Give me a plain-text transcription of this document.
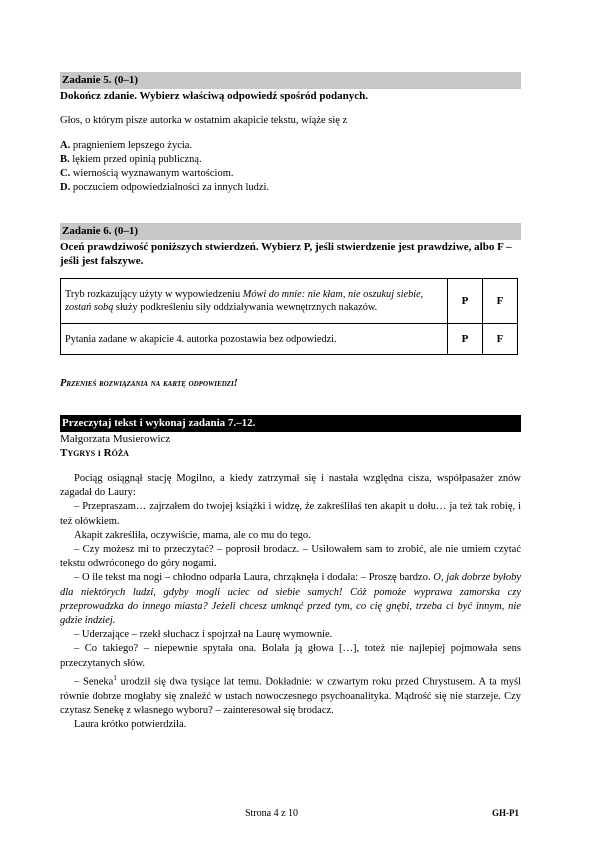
Zadanie 5. (0–1)

Dokończ zdanie. Wybierz właściwą odpowiedź spośród podanych.

Głos, o którym pisze autorka w ostatnim akapicie tekstu, wiąże się z

A. pragnieniem lepszego życia.

B. lękiem przed opinią publiczną.

C. wiernością wyznawanym wartościom.

D. poczuciem odpowiedzialności za innych ludzi.

Zadanie 6. (0–1)

Oceń prawdziwość poniższych stwierdzeń. Wybierz P, jeśli stwierdzenie jest prawdziwe, albo F – jeśli jest fałszywe.

Tryb rozkazujący użyty w wypowiedzeniu Mówi do mnie: nie kłam, nie oszukuj siebie, zostań sobą służy podkreśleniu siły oddziaływania wewnętrznych nakazów.	P	F
Pytania zadane w akapicie 4. autorka pozostawia bez odpowiedzi.	P	F

Przenieś rozwiązania na kartę odpowiedzi!

Przeczytaj tekst i wykonaj zadania 7.–12.

Małgorzata Musierowicz

Tygrys i Róża

Pociąg osiągnął stację Mogilno, a kiedy zatrzymał się i nastała względna cisza, współpasażer znów zagadał do Laury:

– Przepraszam… zajrzałem do twojej książki i widzę, że zakreśliłaś ten akapit u dołu… ja też tak robię, i też ołówkiem.

Akapit zakreśliła, oczywiście, mama, ale co mu do tego.

– Czy możesz mi to przeczytać? – poprosił brodacz. – Usiłowałem sam to zrobić, ale nie umiem czytać tekstu odwróconego do góry nogami.

– O ile tekst ma nogi – chłodno odparła Laura, chrząknęła i dodała: – Proszę bardzo. O, jak dobrze byłoby dla niektórych ludzi, gdyby mogli uciec od siebie samych! Cóż pomoże wyprawa zamorska czy przeprowadzka do innego miasta? Jeżeli chcesz umknąć przed tym, co cię gnębi, trzeba ci być innym, nie gdzie indziej.

– Uderzające – rzekł słuchacz i spojrzał na Laurę wymownie.

– Co takiego? – niepewnie spytała ona. Bolała ją głowa […], toteż nie najlepiej pojmowała sens przeczytanych słów.

– Seneka$^1$ urodził się dwa tysiące lat temu. Dokładnie: w czwartym roku przed Chrystusem. A ta myśl równie dobrze mogłaby się znaleźć w ustach nowoczesnego psychoanalityka. Mądrość się nie starzeje. Czy czytasz Senekę z własnego wyboru? – zainteresował się brodacz.

Laura krótko potwierdziła.

Strona 4 z 10	GH-P1
